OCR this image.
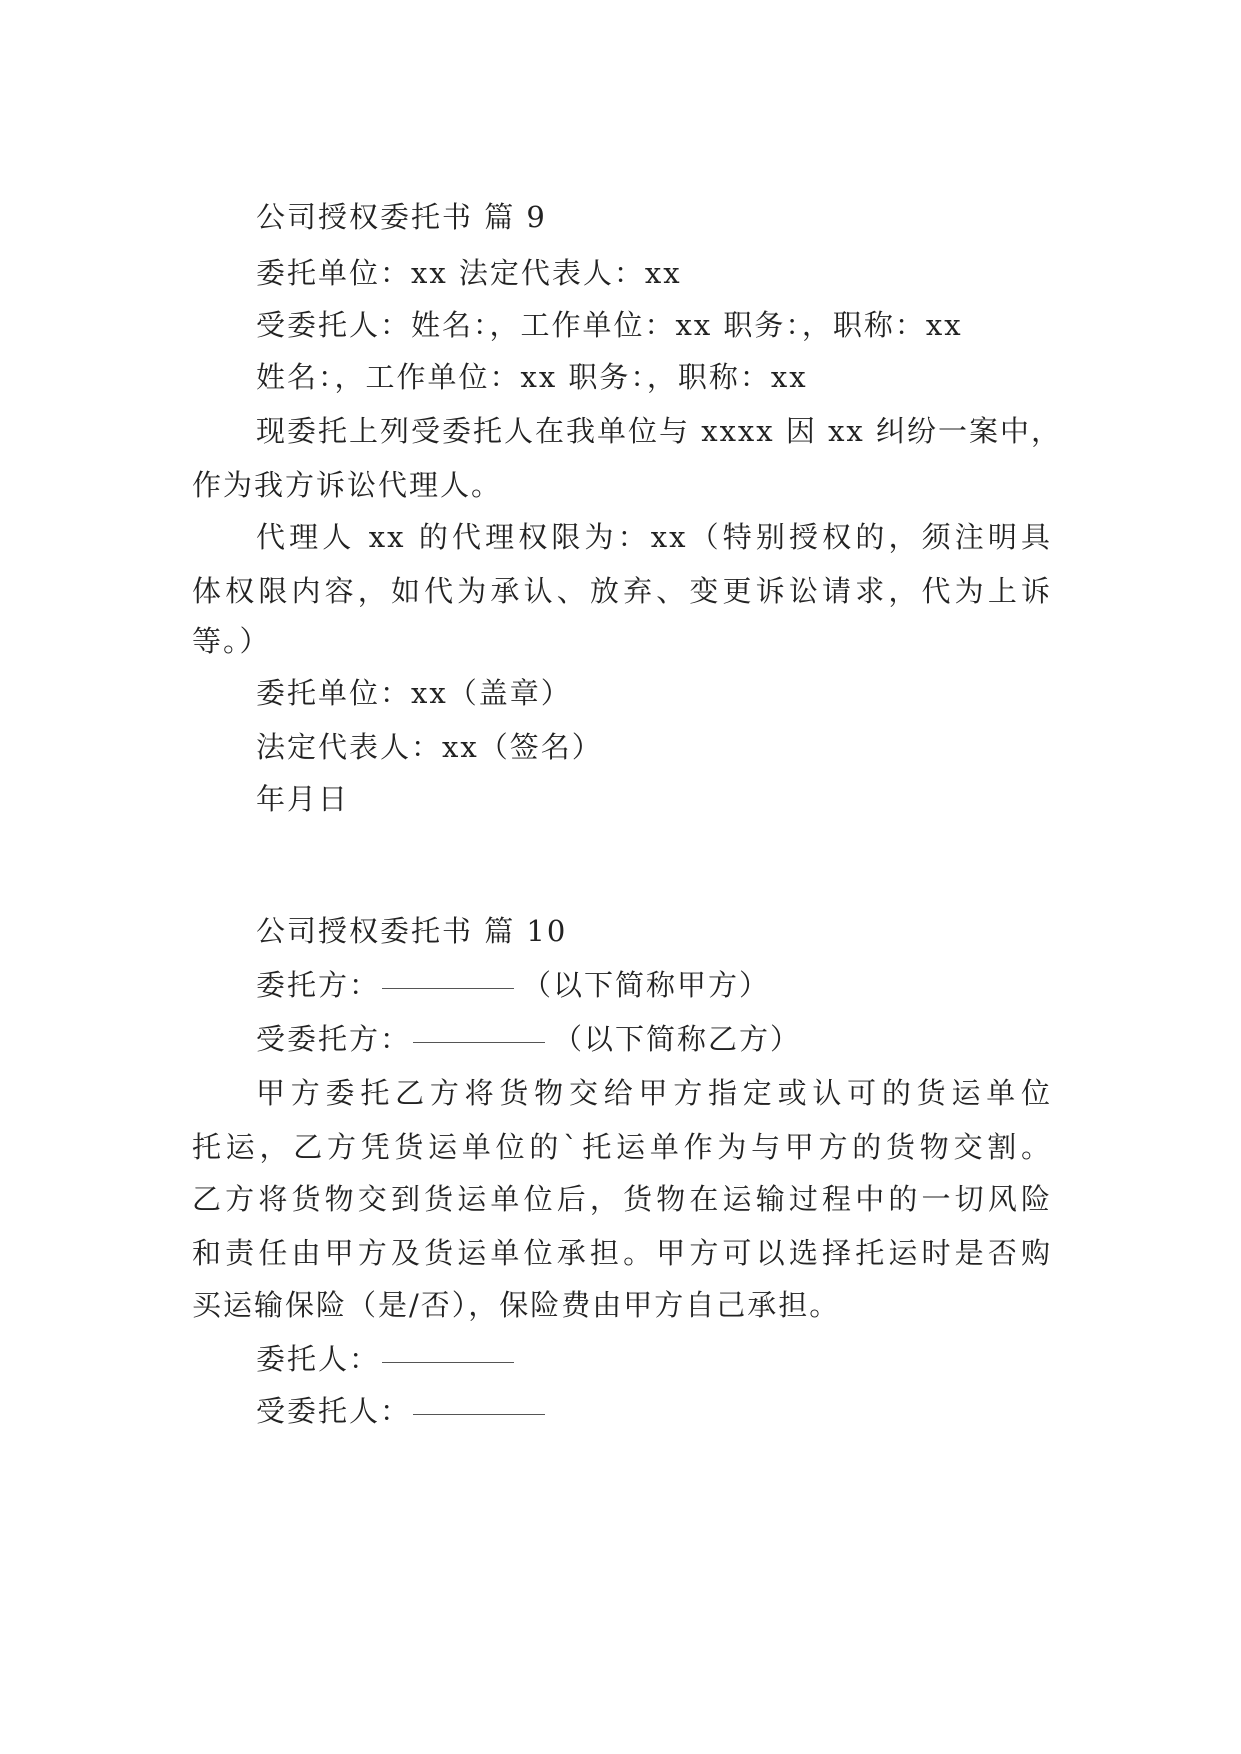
公司授权委托书 篇 9
委托单位：xx 法定代表人：xx
受委托人：姓名：，工作单位：xx 职务：，职称：xx
姓名：，工作单位：xx 职务：，职称：xx
现委托上列受委托人在我单位与 xxxx 因 xx 纠纷一案中，
作为我方诉讼代理人。
代理人 xx 的代理权限为：xx（特别授权的，须注明具
体权限内容，如代为承认、放弃、变更诉讼请求，代为上诉
等。）
委托单位：xx（盖章）
法定代表人：xx（签名）
年月日
公司授权委托书 篇 10
委托方：	（以下简称甲方）
受委托方：	（以下简称乙方）
甲方委托乙方将货物交给甲方指定或认可的货运单位
托运，乙方凭货运单位的`托运单作为与甲方的货物交割。
乙方将货物交到货运单位后，货物在运输过程中的一切风险
和责任由甲方及货运单位承担。甲方可以选择托运时是否购
买运输保险（是/否），保险费由甲方自己承担。
委托人：
受委托人：
